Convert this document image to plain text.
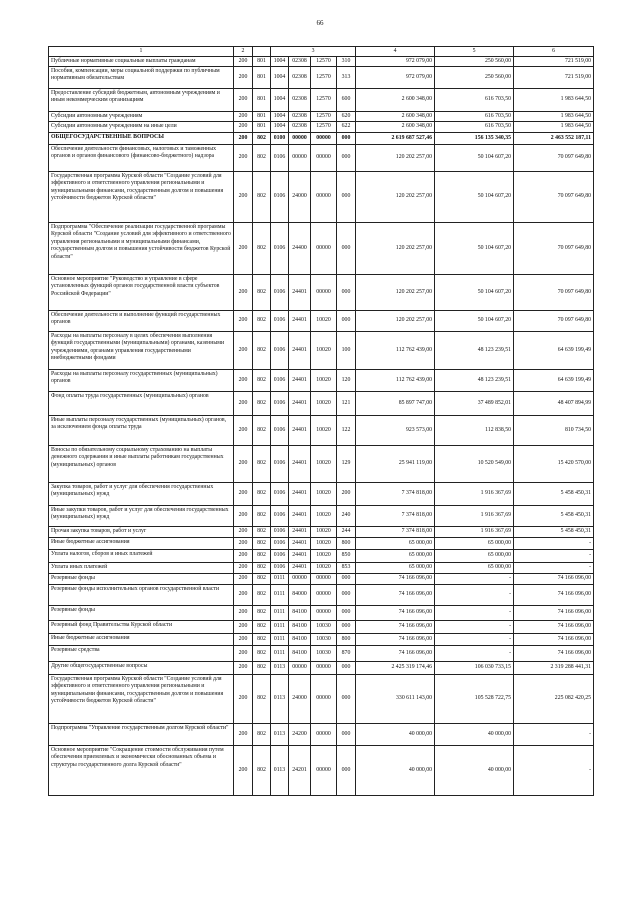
66
1	2		3				4	5	6
Публичные нормативные социальные выплаты гражданам	200	801	1004	02308	12570	310	972 079,00	250 560,00	721 519,00
Пособия, компенсации, меры социальной поддержки по публичным нормативным обязательствам	200	801	1004	02308	12570	313	972 079,00	250 560,00	721 519,00
Предоставление субсидий бюджетным, автономным учреждениям и иным некоммерческим организациям	200	801	1004	02308	12570	600	2 600 348,00	616 703,50	1 983 644,50
Субсидии автономным учреждениям	200	801	1004	02308	12570	620	2 600 348,00	616 703,50	1 983 644,50
Субсидии автономным учреждениям на иные цели	200	801	1004	02308	12570	622	2 600 348,00	616 703,50	1 983 644,50
ОБЩЕГОСУДАРСТВЕННЫЕ ВОПРОСЫ	200	802	0100	00000	00000	000	2 619 687 527,46	156 135 340,35	2 463 552 187,11
Обеспечение деятельности финансовых, налоговых и таможенных органов и органов финансового (финансово-бюджетного) надзора	200	802	0106	00000	00000	000	120 202 257,00	50 104 607,20	70 097 649,80
Государственная программа Курской области "Создание условий для эффективного и ответственного управления региональными и муниципальными финансами, государственным долгом и повышения устойчивости бюджетов Курской области"	200	802	0106	24000	00000	000	120 202 257,00	50 104 607,20	70 097 649,80
Подпрограмма "Обеспечение реализации государственной программы Курской области "Создание условий для эффективного и ответственного управления региональными и муниципальными финансами, государственным долгом и повышения устойчивости бюджетов Курской области"	200	802	0106	24400	00000	000	120 202 257,00	50 104 607,20	70 097 649,80
Основное мероприятие "Руководство и управление в сфере установленных функций органов государственной власти субъектов Российской Федерации"	200	802	0106	24401	00000	000	120 202 257,00	50 104 607,20	70 097 649,80
Обеспечение деятельности и выполнение функций государственных органов	200	802	0106	24401	10020	000	120 202 257,00	50 104 607,20	70 097 649,80
Расходы на выплаты персоналу в целях обеспечения выполнения функций государственными (муниципальными) органами, казенными учреждениями, органами управления государственными внебюджетными фондами	200	802	0106	24401	10020	100	112 762 439,00	48 123 239,51	64 639 199,49
Расходы на выплаты персоналу государственных (муниципальных) органов	200	802	0106	24401	10020	120	112 762 439,00	48 123 239,51	64 639 199,49
Фонд оплаты труда государственных (муниципальных) органов	200	802	0106	24401	10020	121	85 897 747,00	37 489 852,01	48 407 894,99
Иные выплаты персоналу государственных (муниципальных) органов, за исключением фонда оплаты труда	200	802	0106	24401	10020	122	923 573,00	112 838,50	810 734,50
Взносы по обязательному социальному страхованию на выплаты денежного содержания и иные выплаты работникам государственных (муниципальных) органов	200	802	0106	24401	10020	129	25 941 119,00	10 520 549,00	15 420 570,00
Закупка товаров, работ и услуг для обеспечения государственных (муниципальных) нужд	200	802	0106	24401	10020	200	7 374 818,00	1 916 367,69	5 458 450,31
Иные закупки товаров, работ и услуг для обеспечения государственных (муниципальных) нужд	200	802	0106	24401	10020	240	7 374 818,00	1 916 367,69	5 458 450,31
Прочая закупка товаров, работ и услуг	200	802	0106	24401	10020	244	7 374 818,00	1 916 367,69	5 458 450,31
Иные бюджетные ассигнования	200	802	0106	24401	10020	800	65 000,00	65 000,00	-
Уплата налогов, сборов и иных платежей	200	802	0106	24401	10020	850	65 000,00	65 000,00	-
Уплата иных платежей	200	802	0106	24401	10020	853	65 000,00	65 000,00	-
Резервные фонды	200	802	0111	00000	00000	000	74 166 096,00	-	74 166 096,00
Резервные фонды исполнительных органов государственной власти	200	802	0111	84000	00000	000	74 166 096,00	-	74 166 096,00
Резервные фонды	200	802	0111	84100	00000	000	74 166 096,00	-	74 166 096,00
Резервный фонд Правительства Курской области	200	802	0111	84100	10030	000	74 166 096,00	-	74 166 096,00
Иные бюджетные ассигнования	200	802	0111	84100	10030	800	74 166 096,00	-	74 166 096,00
Резервные средства	200	802	0111	84100	10030	870	74 166 096,00	-	74 166 096,00
Другие общегосударственные вопросы	200	802	0113	00000	00000	000	2 425 319 174,46	106 030 733,15	2 319 288 441,31
Государственная программа Курской области "Создание условий для эффективного и ответственного управления региональными и муниципальными финансами, государственным долгом и повышения устойчивости бюджетов Курской области"	200	802	0113	24000	00000	000	330 611 143,00	105 528 722,75	225 082 420,25
Подпрограмма "Управление государственным долгом Курской области"	200	802	0113	24200	00000	000	40 000,00	40 000,00	-
Основное мероприятие "Сокращение стоимости обслуживания путем обеспечения приемлемых и экономически обоснованных объема и структуры государственного долга Курской области"	200	802	0113	24201	00000	000	40 000,00	40 000,00	-
